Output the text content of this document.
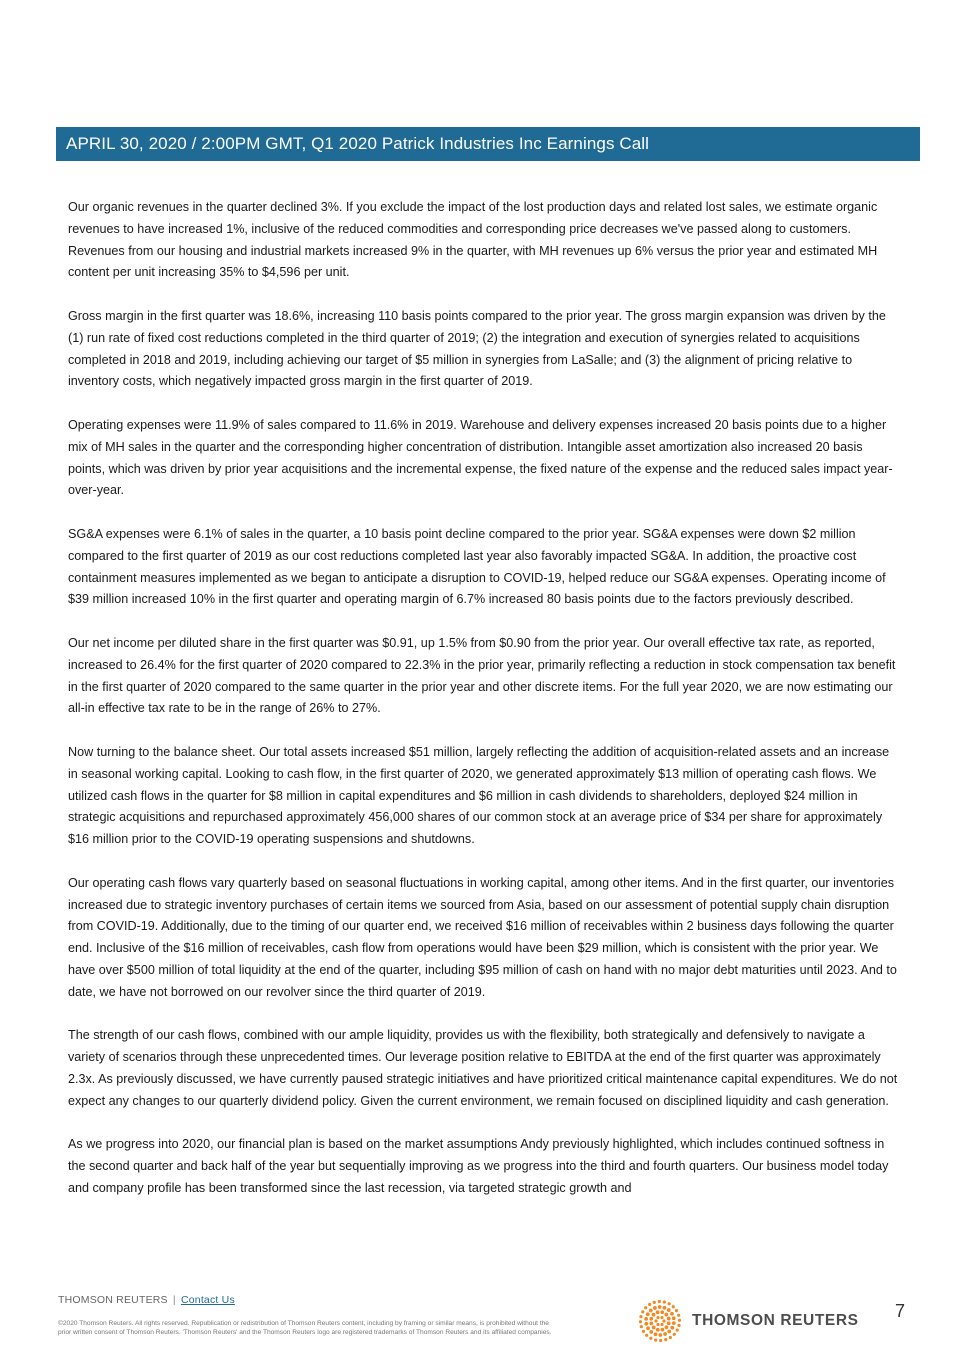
APRIL 30, 2020 / 2:00PM GMT, Q1 2020 Patrick Industries Inc Earnings Call

Our organic revenues in the quarter declined 3%. If you exclude the impact of the lost production days and related lost sales, we estimate organic revenues to have increased 1%, inclusive of the reduced commodities and corresponding price decreases we've passed along to customers. Revenues from our housing and industrial markets increased 9% in the quarter, with MH revenues up 6% versus the prior year and estimated MH content per unit increasing 35% to $4,596 per unit.

Gross margin in the first quarter was 18.6%, increasing 110 basis points compared to the prior year. The gross margin expansion was driven by the (1) run rate of fixed cost reductions completed in the third quarter of 2019; (2) the integration and execution of synergies related to acquisitions completed in 2018 and 2019, including achieving our target of $5 million in synergies from LaSalle; and (3) the alignment of pricing relative to inventory costs, which negatively impacted gross margin in the first quarter of 2019.

Operating expenses were 11.9% of sales compared to 11.6% in 2019. Warehouse and delivery expenses increased 20 basis points due to a higher mix of MH sales in the quarter and the corresponding higher concentration of distribution. Intangible asset amortization also increased 20 basis points, which was driven by prior year acquisitions and the incremental expense, the fixed nature of the expense and the reduced sales impact year-over-year.

SG&A expenses were 6.1% of sales in the quarter, a 10 basis point decline compared to the prior year. SG&A expenses were down $2 million compared to the first quarter of 2019 as our cost reductions completed last year also favorably impacted SG&A. In addition, the proactive cost containment measures implemented as we began to anticipate a disruption to COVID-19, helped reduce our SG&A expenses. Operating income of $39 million increased 10% in the first quarter and operating margin of 6.7% increased 80 basis points due to the factors previously described.

Our net income per diluted share in the first quarter was $0.91, up 1.5% from $0.90 from the prior year. Our overall effective tax rate, as reported, increased to 26.4% for the first quarter of 2020 compared to 22.3% in the prior year, primarily reflecting a reduction in stock compensation tax benefit in the first quarter of 2020 compared to the same quarter in the prior year and other discrete items. For the full year 2020, we are now estimating our all-in effective tax rate to be in the range of 26% to 27%.

Now turning to the balance sheet. Our total assets increased $51 million, largely reflecting the addition of acquisition-related assets and an increase in seasonal working capital. Looking to cash flow, in the first quarter of 2020, we generated approximately $13 million of operating cash flows. We utilized cash flows in the quarter for $8 million in capital expenditures and $6 million in cash dividends to shareholders, deployed $24 million in strategic acquisitions and repurchased approximately 456,000 shares of our common stock at an average price of $34 per share for approximately $16 million prior to the COVID-19 operating suspensions and shutdowns.

Our operating cash flows vary quarterly based on seasonal fluctuations in working capital, among other items. And in the first quarter, our inventories increased due to strategic inventory purchases of certain items we sourced from Asia, based on our assessment of potential supply chain disruption from COVID-19. Additionally, due to the timing of our quarter end, we received $16 million of receivables within 2 business days following the quarter end. Inclusive of the $16 million of receivables, cash flow from operations would have been $29 million, which is consistent with the prior year. We have over $500 million of total liquidity at the end of the quarter, including $95 million of cash on hand with no major debt maturities until 2023. And to date, we have not borrowed on our revolver since the third quarter of 2019.

The strength of our cash flows, combined with our ample liquidity, provides us with the flexibility, both strategically and defensively to navigate a variety of scenarios through these unprecedented times. Our leverage position relative to EBITDA at the end of the first quarter was approximately 2.3x. As previously discussed, we have currently paused strategic initiatives and have prioritized critical maintenance capital expenditures. We do not expect any changes to our quarterly dividend policy. Given the current environment, we remain focused on disciplined liquidity and cash generation.

As we progress into 2020, our financial plan is based on the market assumptions Andy previously highlighted, which includes continued softness in the second quarter and back half of the year but sequentially improving as we progress into the third and fourth quarters. Our business model today and company profile has been transformed since the last recession, via targeted strategic growth and

THOMSON REUTERS | Contact Us
©2020 Thomson Reuters. All rights reserved. Republication or redistribution of Thomson Reuters content, including by framing or similar means, is prohibited without the prior written consent of Thomson Reuters. 'Thomson Reuters' and the Thomson Reuters logo are registered trademarks of Thomson Reuters and its affiliated companies.
THOMSON REUTERS 7
